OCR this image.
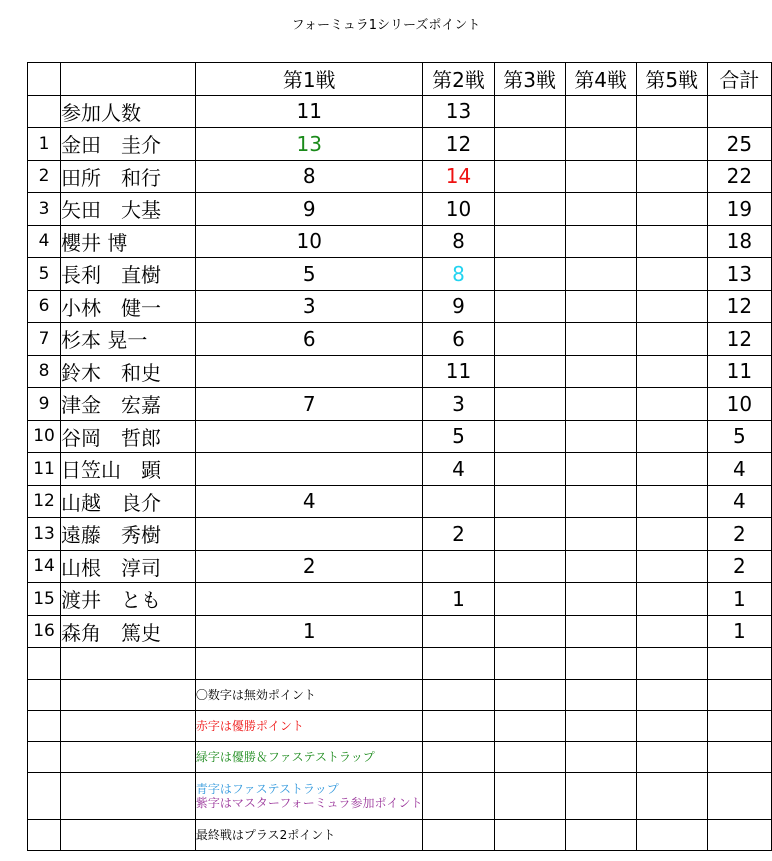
フォーミュラ1シリーズポイント
		第1戦	第2戦	第3戦	第4戦	第5戦	合計
	参加人数	11	13				
1	金田　圭介	13	12				25
2	田所　和行	8	14				22
3	矢田　大基	9	10				19
4	櫻井 博	10	8				18
5	長利　直樹	5	8				13
6	小林　健一	3	9				12
7	杉本 晃一	6	6				12
8	鈴木　和史		11				11
9	津金　宏嘉	7	3				10
10	谷岡　哲郎		5				5
11	日笠山　顕		4				4
12	山越　良介	4					4
13	遠藤　秀樹		2				2
14	山根　淳司	2					2
15	渡井　とも		1				1
16	森角　篤史	1					1

		〇数字は無効ポイント					

		赤字は優勝ポイント					

		緑字は優勝＆ファステストラップ					

		青字はファステストラップ
紫字はマスターフォーミュラ参加ポイント					

		最終戦はプラス2ポイント					
